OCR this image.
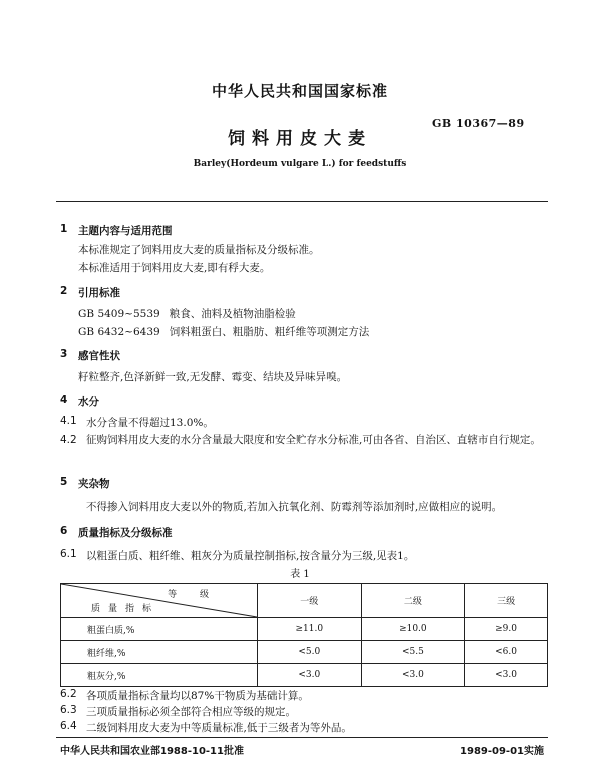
中华人民共和国国家标准
GB 10367—89
饲料用皮大麦
Barley(Hordeum vulgare L.) for feedstuffs
1 主题内容与适用范围
本标准规定了饲料用皮大麦的质量指标及分级标准。
本标准适用于饲料用皮大麦,即有稃大麦。
2 引用标准
GB 5409~5539   粮食、油料及植物油脂检验
GB 6432~6439   饲料粗蛋白、粗脂肪、粗纤维等项测定方法
3 感官性状
籽粒整齐,色泽新鲜一致,无发酵、霉变、结块及异味异嗅。
4 水分
4.1 水分含量不得超过13.0%。
4.2 征购饲料用皮大麦的水分含量最大限度和安全贮存水分标准,可由各省、自治区、直辖市自行规定。
5 夹杂物
不得掺入饲料用皮大麦以外的物质,若加入抗氧化剂、防霉剂等添加剂时,应做相应的说明。
6 质量指标及分级标准
6.1 以粗蛋白质、粗纤维、粗灰分为质量控制指标,按含量分为三级,见表1。
表 1
等 级
质量指标	一级	二级	三级
粗蛋白质,%	≥11.0	≥10.0	≥9.0
粗纤维,%	<5.0	<5.5	<6.0
粗灰分,%	<3.0	<3.0	<3.0
6.2 各项质量指标含量均以87%干物质为基础计算。
6.3 三项质量指标必须全部符合相应等级的规定。
6.4 二级饲料用皮大麦为中等质量标准,低于三级者为等外品。
中华人民共和国农业部1988-10-11批准	1989-09-01实施
